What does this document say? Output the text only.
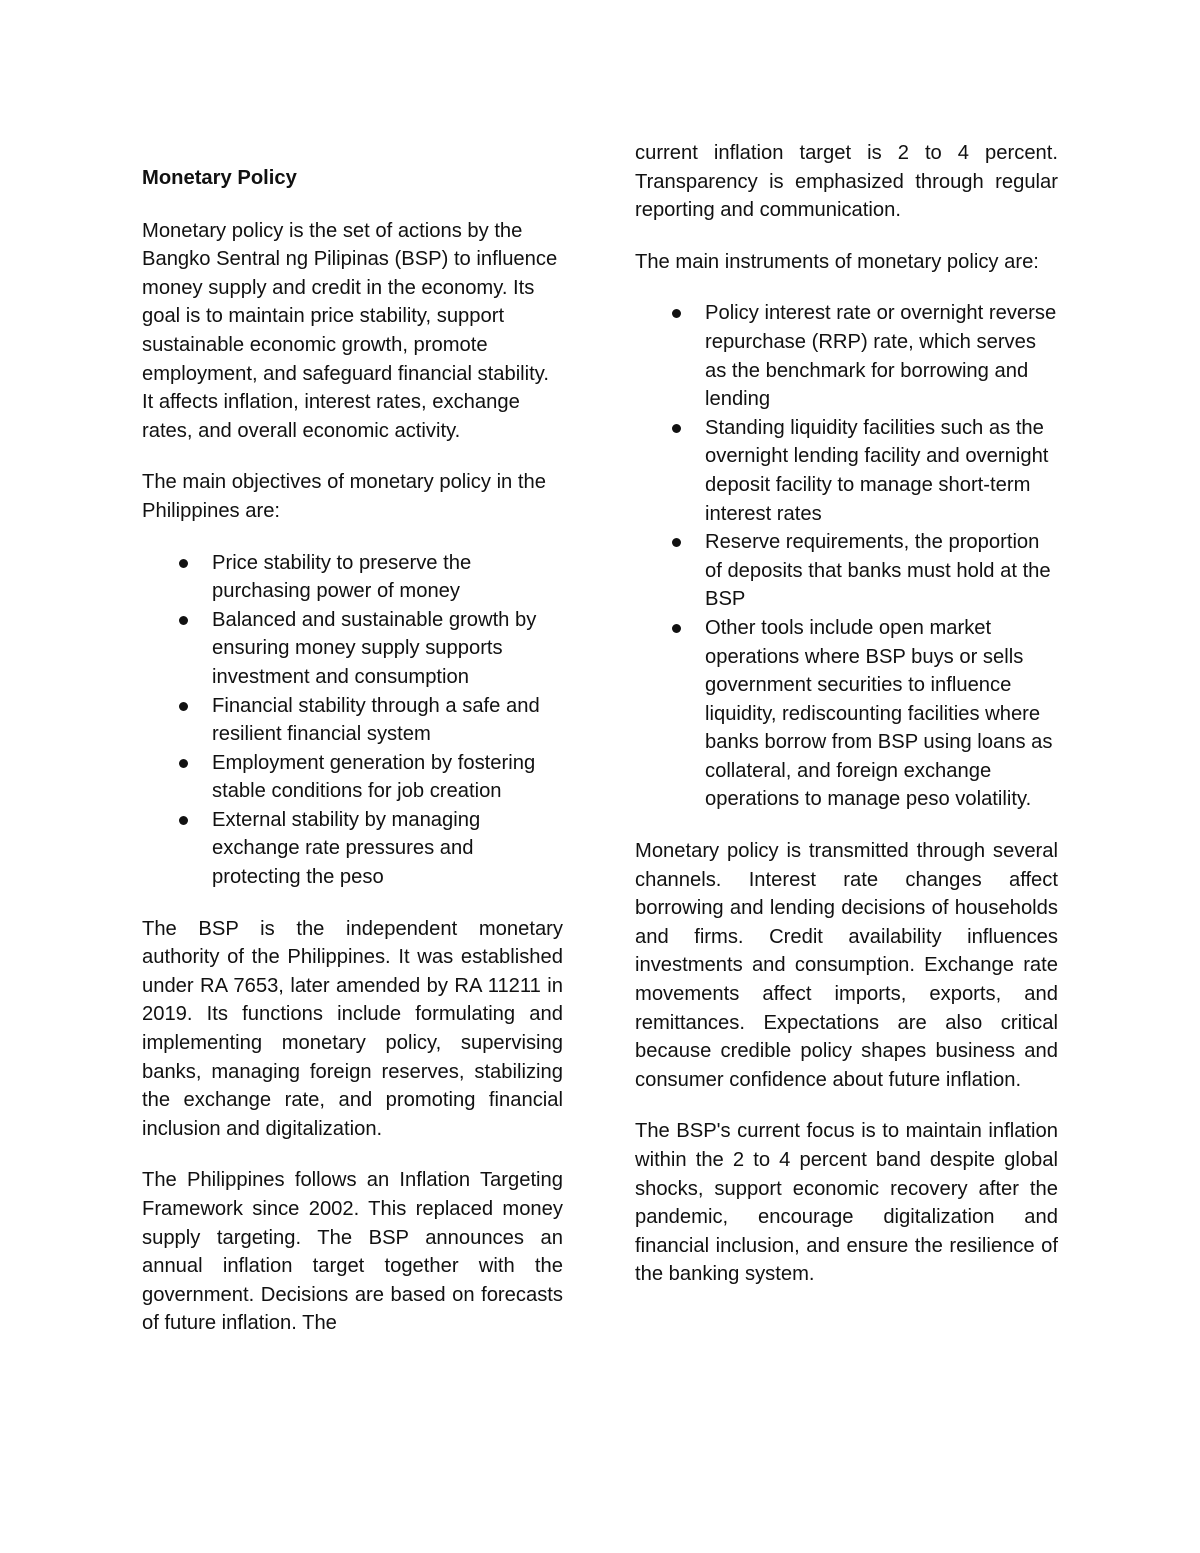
Monetary Policy

Monetary policy is the set of actions by the Bangko Sentral ng Pilipinas (BSP) to influence money supply and credit in the economy. Its goal is to maintain price stability, support sustainable economic growth, promote employment, and safeguard financial stability. It affects inflation, interest rates, exchange rates, and overall economic activity.

The main objectives of monetary policy in the Philippines are:

Price stability to preserve the purchasing power of money
Balanced and sustainable growth by ensuring money supply supports investment and consumption
Financial stability through a safe and resilient financial system
Employment generation by fostering stable conditions for job creation
External stability by managing exchange rate pressures and protecting the peso

The BSP is the independent monetary authority of the Philippines. It was established under RA 7653, later amended by RA 11211 in 2019. Its functions include formulating and implementing monetary policy, supervising banks, managing foreign reserves, stabilizing the exchange rate, and promoting financial inclusion and digitalization.

The Philippines follows an Inflation Targeting Framework since 2002. This replaced money supply targeting. The BSP announces an annual inflation target together with the government. Decisions are based on forecasts of future inflation. The

current inflation target is 2 to 4 percent. Transparency is emphasized through regular reporting and communication.

The main instruments of monetary policy are:

Policy interest rate or overnight reverse repurchase (RRP) rate, which serves as the benchmark for borrowing and lending
Standing liquidity facilities such as the overnight lending facility and overnight deposit facility to manage short-term interest rates
Reserve requirements, the proportion of deposits that banks must hold at the BSP
Other tools include open market operations where BSP buys or sells government securities to influence liquidity, rediscounting facilities where banks borrow from BSP using loans as collateral, and foreign exchange operations to manage peso volatility.

Monetary policy is transmitted through several channels. Interest rate changes affect borrowing and lending decisions of households and firms. Credit availability influences investments and consumption. Exchange rate movements affect imports, exports, and remittances. Expectations are also critical because credible policy shapes business and consumer confidence about future inflation.

The BSP's current focus is to maintain inflation within the 2 to 4 percent band despite global shocks, support economic recovery after the pandemic, encourage digitalization and financial inclusion, and ensure the resilience of the banking system.
